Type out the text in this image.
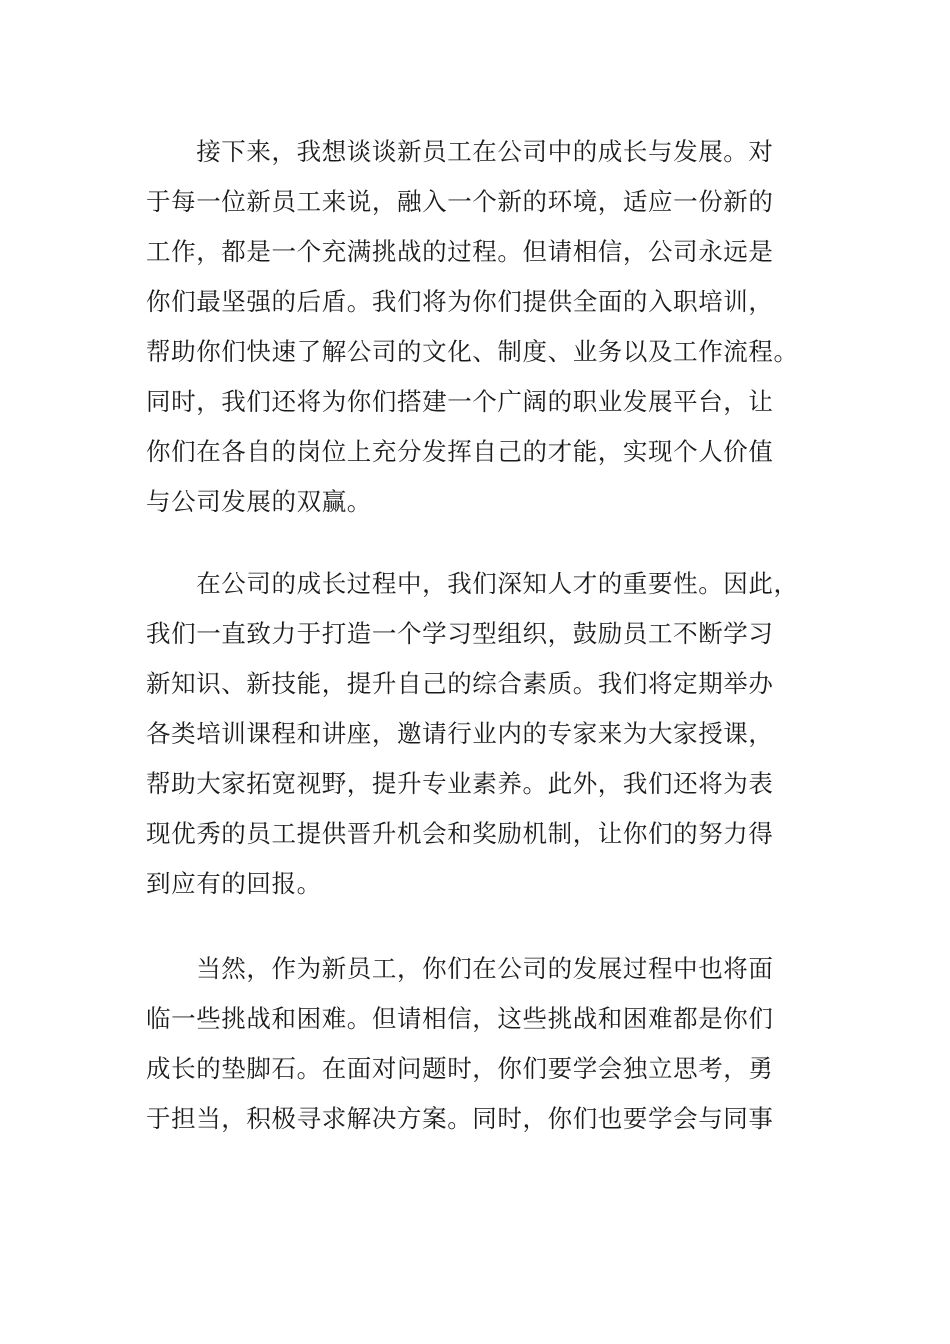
　　接下来，我想谈谈新员工在公司中的成长与发展。对
于每一位新员工来说，融入一个新的环境，适应一份新的
工作，都是一个充满挑战的过程。但请相信，公司永远是
你们最坚强的后盾。我们将为你们提供全面的入职培训，
帮助你们快速了解公司的文化、制度、业务以及工作流程。
同时，我们还将为你们搭建一个广阔的职业发展平台，让
你们在各自的岗位上充分发挥自己的才能，实现个人价值
与公司发展的双赢。
　　在公司的成长过程中，我们深知人才的重要性。因此，
我们一直致力于打造一个学习型组织，鼓励员工不断学习
新知识、新技能，提升自己的综合素质。我们将定期举办
各类培训课程和讲座，邀请行业内的专家来为大家授课，
帮助大家拓宽视野，提升专业素养。此外，我们还将为表
现优秀的员工提供晋升机会和奖励机制，让你们的努力得
到应有的回报。
　　当然，作为新员工，你们在公司的发展过程中也将面
临一些挑战和困难。但请相信，这些挑战和困难都是你们
成长的垫脚石。在面对问题时，你们要学会独立思考，勇
于担当，积极寻求解决方案。同时，你们也要学会与同事
